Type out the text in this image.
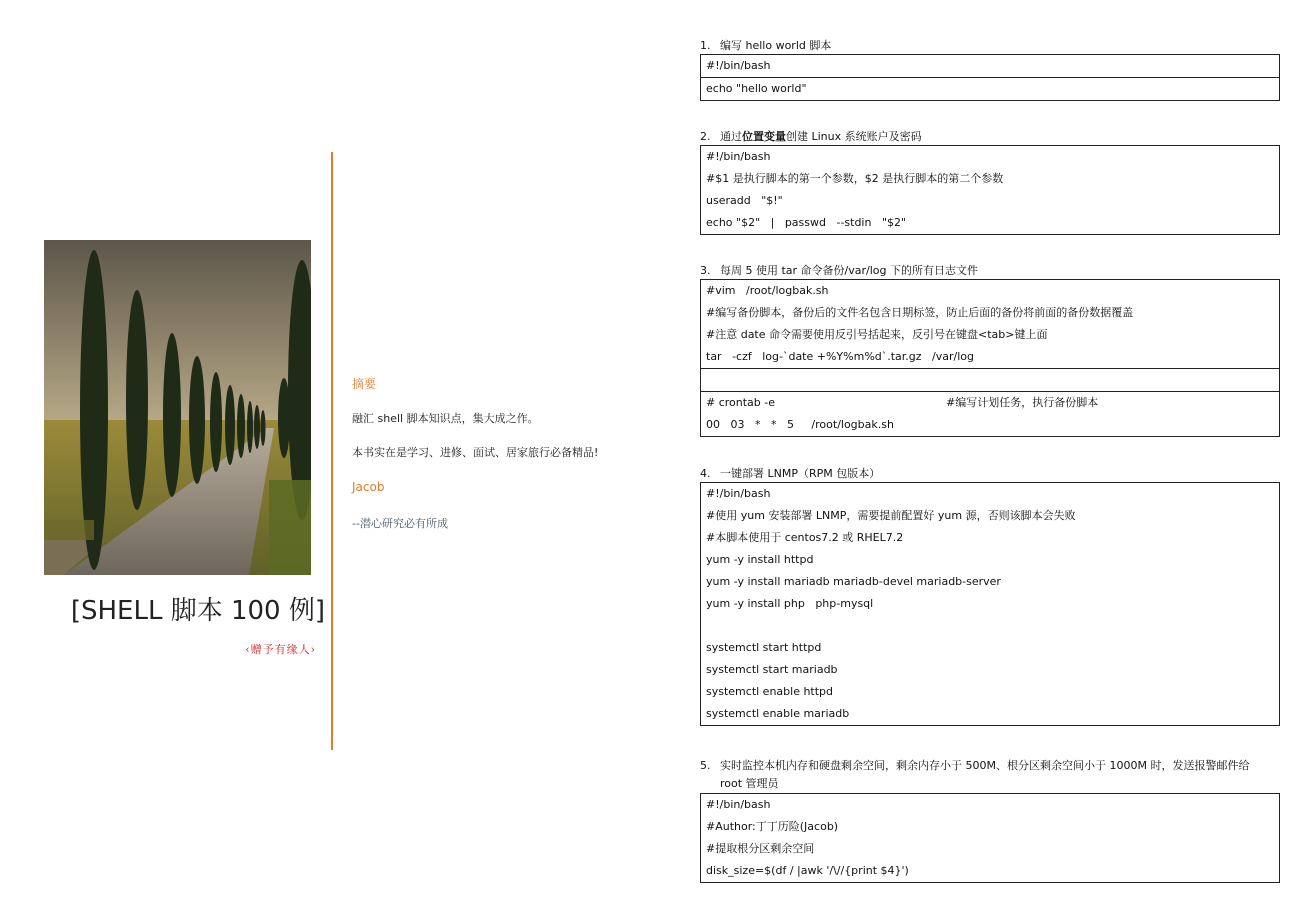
[SHELL 脚本 100 例]
‹赠予有缘人›
摘要
融汇 shell 脚本知识点，集大成之作。
本书实在是学习、进修、面试、居家旅行必备精品!
Jacob
--潜心研究必有所成
1. 编写 hello world 脚本
#!/bin/bash
echo "hello world"
2. 通过位置变量创建 Linux 系统账户及密码
#!/bin/bash
#$1 是执行脚本的第一个参数，$2 是执行脚本的第二个参数
useradd   "$!"
echo "$2"   |   passwd   --stdin   "$2"
3. 每周 5 使用 tar 命令备份/var/log 下的所有日志文件
#vim   /root/logbak.sh
#编写备份脚本，备份后的文件名包含日期标签，防止后面的备份将前面的备份数据覆盖
#注意 date 命令需要使用反引号括起来，反引号在键盘<tab>键上面
tar   -czf   log-`date +%Y%m%d`.tar.gz   /var/log
# crontab -e	#编写计划任务，执行备份脚本
00   03   *   *   5     /root/logbak.sh
4. 一键部署 LNMP（RPM 包版本）
#!/bin/bash
#使用 yum 安装部署 LNMP，需要提前配置好 yum 源，否则该脚本会失败
#本脚本使用于 centos7.2 或 RHEL7.2
yum -y install httpd
yum -y install mariadb mariadb-devel mariadb-server
yum -y install php   php-mysql
systemctl start httpd
systemctl start mariadb
systemctl enable httpd
systemctl enable mariadb
5. 实时监控本机内存和硬盘剩余空间，剩余内存小于 500M、根分区剩余空间小于 1000M 时，发送报警邮件给
root 管理员
#!/bin/bash
#Author:丁丁历险(Jacob)
#提取根分区剩余空间
disk_size=$(df / |awk '/\//{print $4}')
